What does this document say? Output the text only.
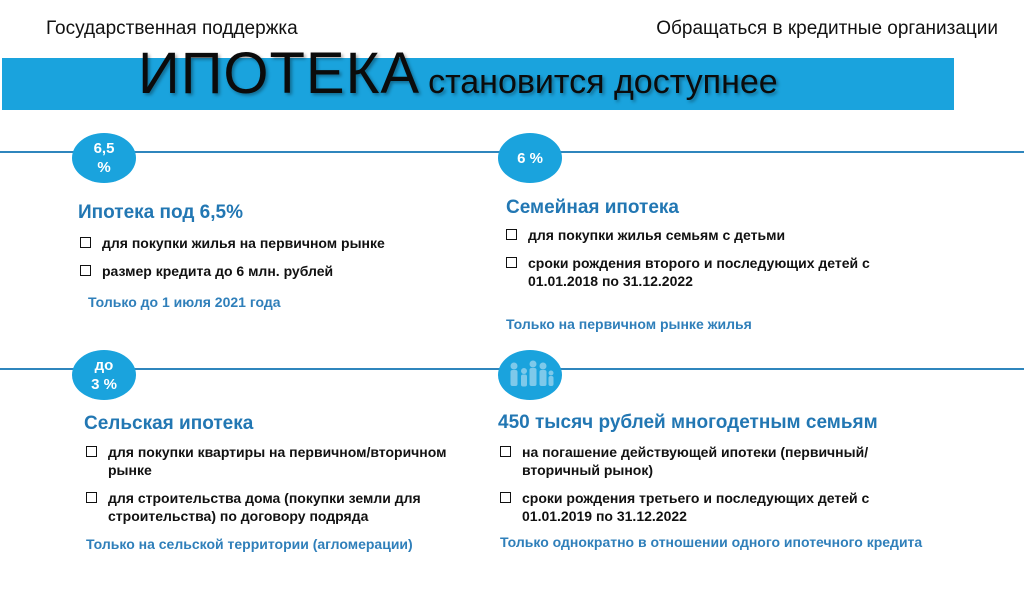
Государственная поддержка	Обращаться в кредитные организации
ИПОТЕКА становится доступнее
6,5
%
Ипотека под 6,5%
для покупки жилья на первичном рынке
размер кредита до 6 млн. рублей
Только до 1 июля 2021 года
6 %
Семейная ипотека
для покупки жилья семьям с детьми
сроки рождения второго и последующих детей с 01.01.2018 по 31.12.2022
Только на первичном рынке жилья
до
3 %
Сельская ипотека
для покупки квартиры на первичном/вторичном рынке
для строительства дома (покупки земли для строительства) по договору подряда
Только на сельской территории (агломерации)
450 тысяч рублей многодетным семьям
на погашение действующей ипотеки (первичный/вторичный рынок)
сроки рождения третьего и последующих детей с 01.01.2019 по 31.12.2022
Только однократно в отношении одного ипотечного кредита
